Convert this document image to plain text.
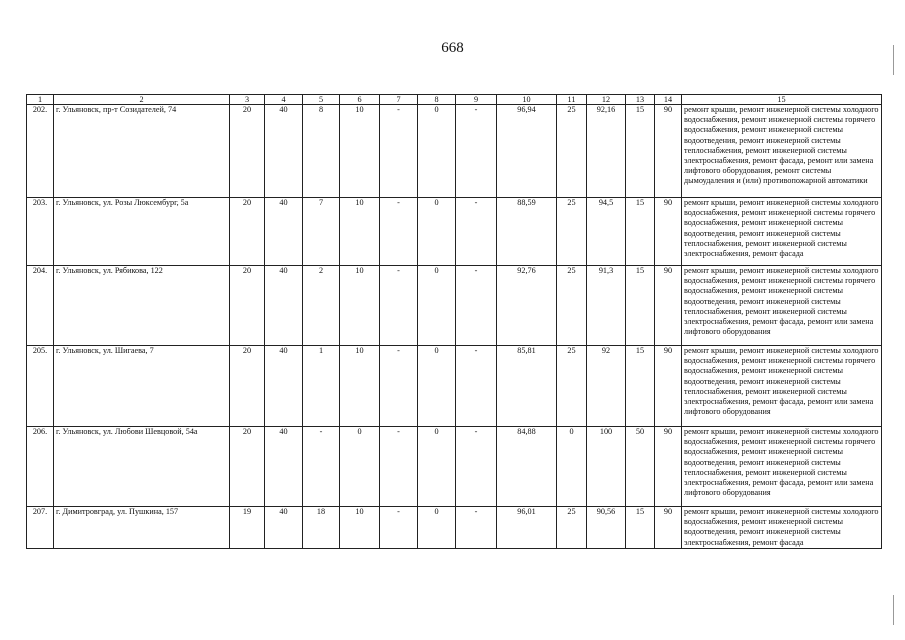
668
1	2	3	4	5	6	7	8	9	10	11	12	13	14	15
202.	г. Ульяновск, пр-т Созидателей, 74	20	40	8	10	-	0	-	96,94	25	92,16	15	90	ремонт крыши, ремонт инженерной системы холодного водоснабжения, ремонт инженерной системы горячего водоснабжения, ремонт инженерной системы водоотведения, ремонт инженерной системы теплоснабжения, ремонт инженерной системы электроснабжения, ремонт фасада, ремонт или замена лифтового оборудования, ремонт системы дымоудаления и (или) противопожарной автоматики
203.	г. Ульяновск, ул. Розы Люксембург, 5а	20	40	7	10	-	0	-	88,59	25	94,5	15	90	ремонт крыши, ремонт инженерной системы холодного водоснабжения, ремонт инженерной системы горячего водоснабжения, ремонт инженерной системы водоотведения, ремонт инженерной системы теплоснабжения, ремонт инженерной системы электроснабжения, ремонт фасада
204.	г. Ульяновск, ул. Рябикова, 122	20	40	2	10	-	0	-	92,76	25	91,3	15	90	ремонт крыши, ремонт инженерной системы холодного водоснабжения, ремонт инженерной системы горячего водоснабжения, ремонт инженерной системы водоотведения, ремонт инженерной системы теплоснабжения, ремонт инженерной системы электроснабжения, ремонт фасада, ремонт или замена лифтового оборудования
205.	г. Ульяновск, ул. Шигаева, 7	20	40	1	10	-	0	-	85,81	25	92	15	90	ремонт крыши, ремонт инженерной системы холодного водоснабжения, ремонт инженерной системы горячего водоснабжения, ремонт инженерной системы водоотведения, ремонт инженерной системы теплоснабжения, ремонт инженерной системы электроснабжения, ремонт фасада, ремонт или замена лифтового оборудования
206.	г. Ульяновск, ул. Любови Шевцовой, 54а	20	40	-	0	-	0	-	84,88	0	100	50	90	ремонт крыши, ремонт инженерной системы холодного водоснабжения, ремонт инженерной системы горячего водоснабжения, ремонт инженерной системы водоотведения, ремонт инженерной системы теплоснабжения, ремонт инженерной системы электроснабжения, ремонт фасада, ремонт или замена лифтового оборудования
207.	г. Димитровград, ул. Пушкина, 157	19	40	18	10	-	0	-	96,01	25	90,56	15	90	ремонт крыши, ремонт инженерной системы холодного водоснабжения, ремонт инженерной системы водоотведения, ремонт инженерной системы электроснабжения, ремонт фасада
